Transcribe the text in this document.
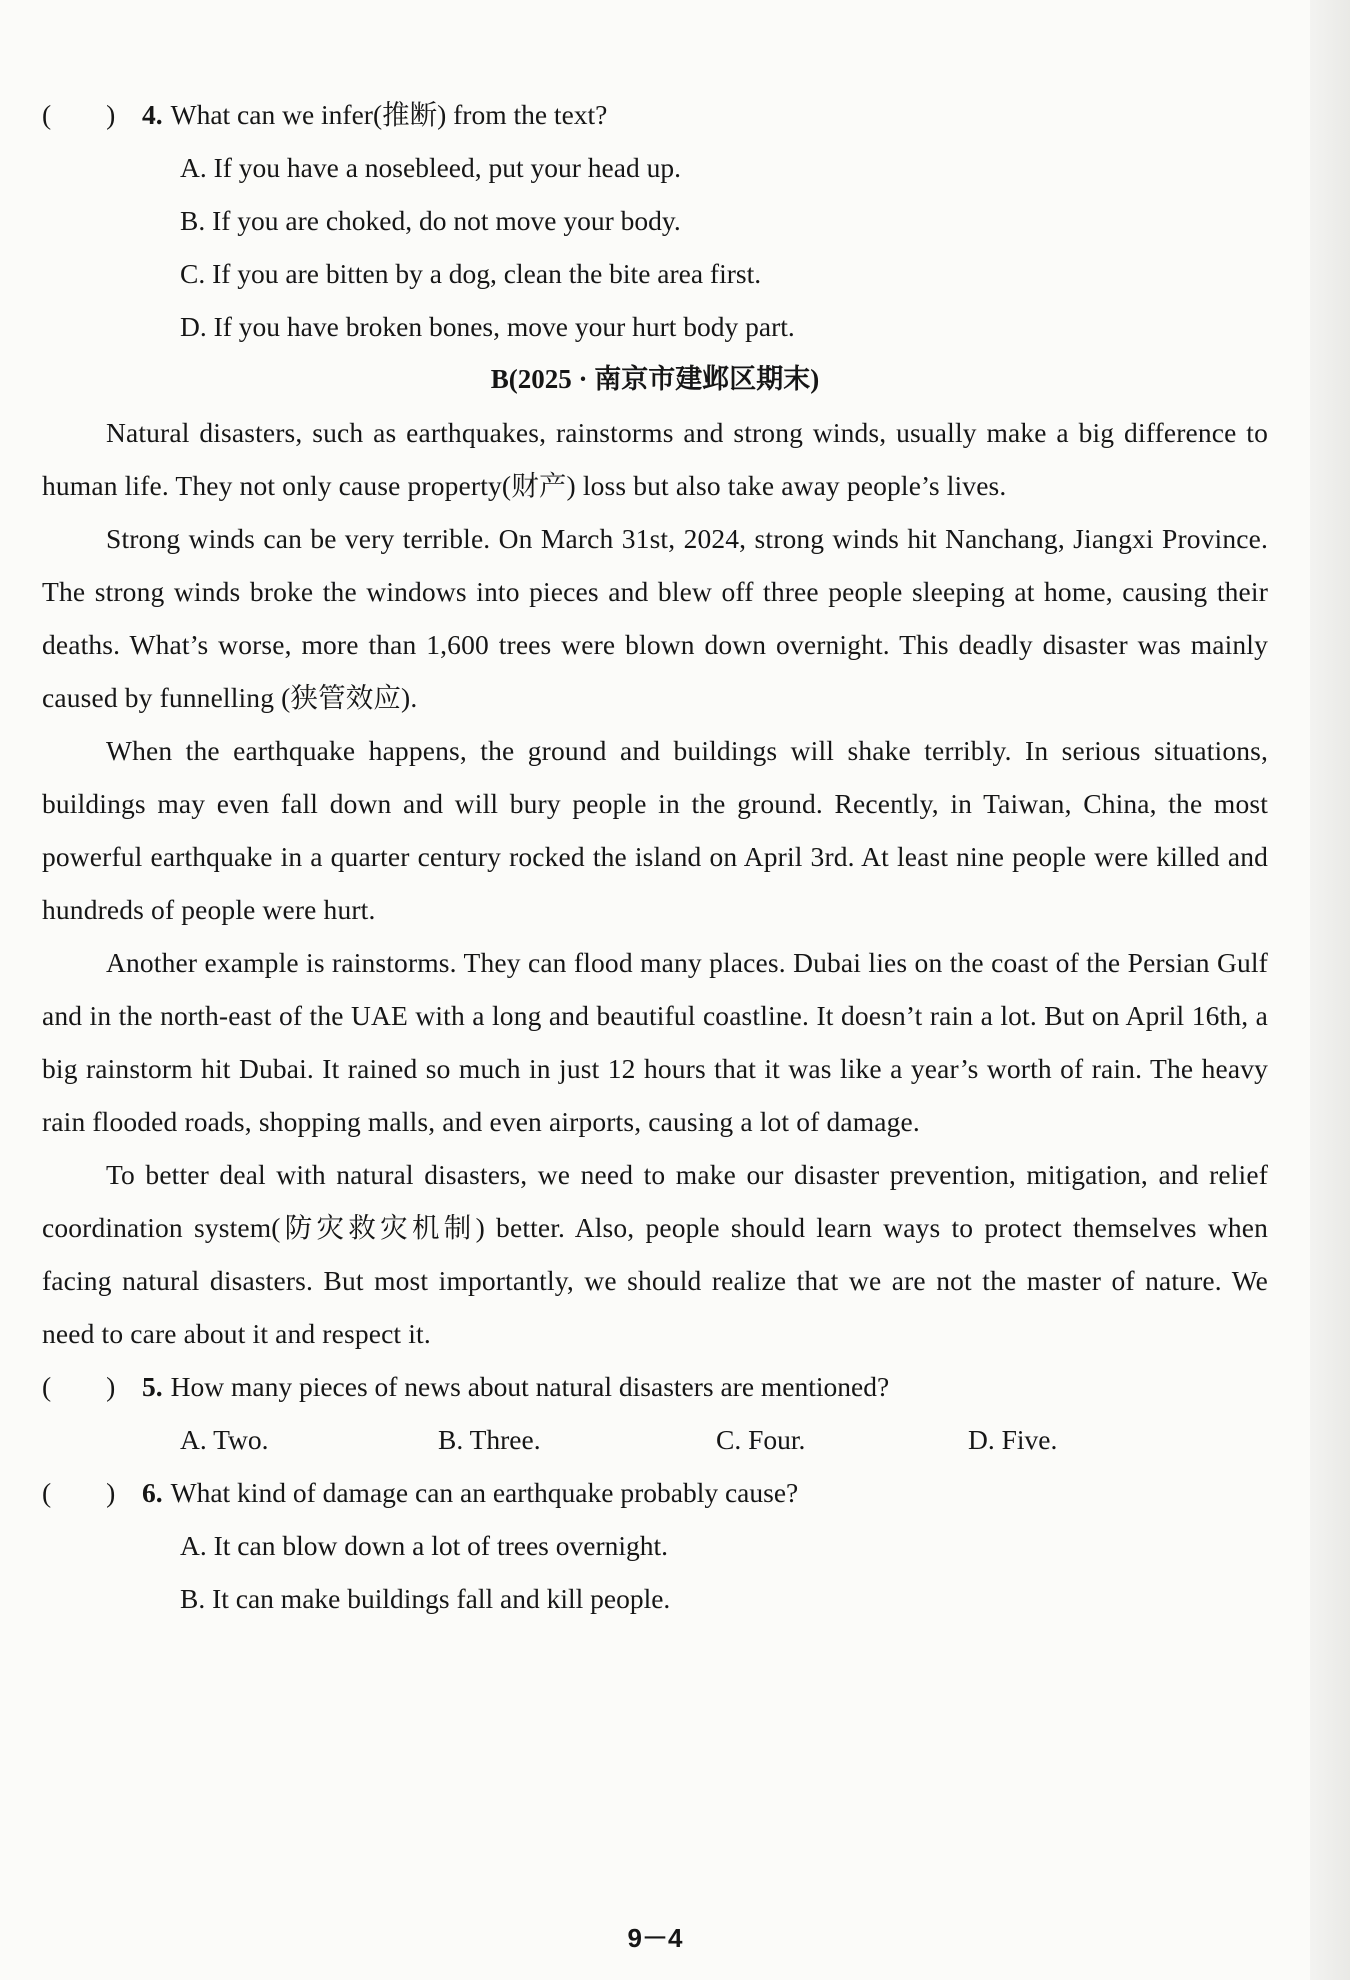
(        ) 4. What can we infer(推断) from the text?
A. If you have a nosebleed, put your head up.
B. If you are choked, do not move your body.
C. If you are bitten by a dog, clean the bite area first.
D. If you have broken bones, move your hurt body part.
B(2025 · 南京市建邺区期末)

Natural disasters, such as earthquakes, rainstorms and strong winds, usually make a big difference to human life. They not only cause property(财产) loss but also take away people’s lives.

Strong winds can be very terrible. On March 31st, 2024, strong winds hit Nanchang, Jiangxi Province. The strong winds broke the windows into pieces and blew off three people sleeping at home, causing their deaths. What’s worse, more than 1,600 trees were blown down overnight. This deadly disaster was mainly caused by funnelling (狭管效应).

When the earthquake happens, the ground and buildings will shake terribly. In serious situations, buildings may even fall down and will bury people in the ground. Recently, in Taiwan, China, the most powerful earthquake in a quarter century rocked the island on April 3rd. At least nine people were killed and hundreds of people were hurt.

Another example is rainstorms. They can flood many places. Dubai lies on the coast of the Persian Gulf and in the north-east of the UAE with a long and beautiful coastline. It doesn’t rain a lot. But on April 16th, a big rainstorm hit Dubai. It rained so much in just 12 hours that it was like a year’s worth of rain. The heavy rain flooded roads, shopping malls, and even airports, causing a lot of damage.

To better deal with natural disasters, we need to make our disaster prevention, mitigation, and relief coordination system(防灾救灾机制) better. Also, people should learn ways to protect themselves when facing natural disasters. But most importantly, we should realize that we are not the master of nature. We need to care about it and respect it.

(        ) 5. How many pieces of news about natural disasters are mentioned?
A. Two.	B. Three.	C. Four.	D. Five.
(        ) 6. What kind of damage can an earthquake probably cause?
A. It can blow down a lot of trees overnight.
B. It can make buildings fall and kill people.
9－4
